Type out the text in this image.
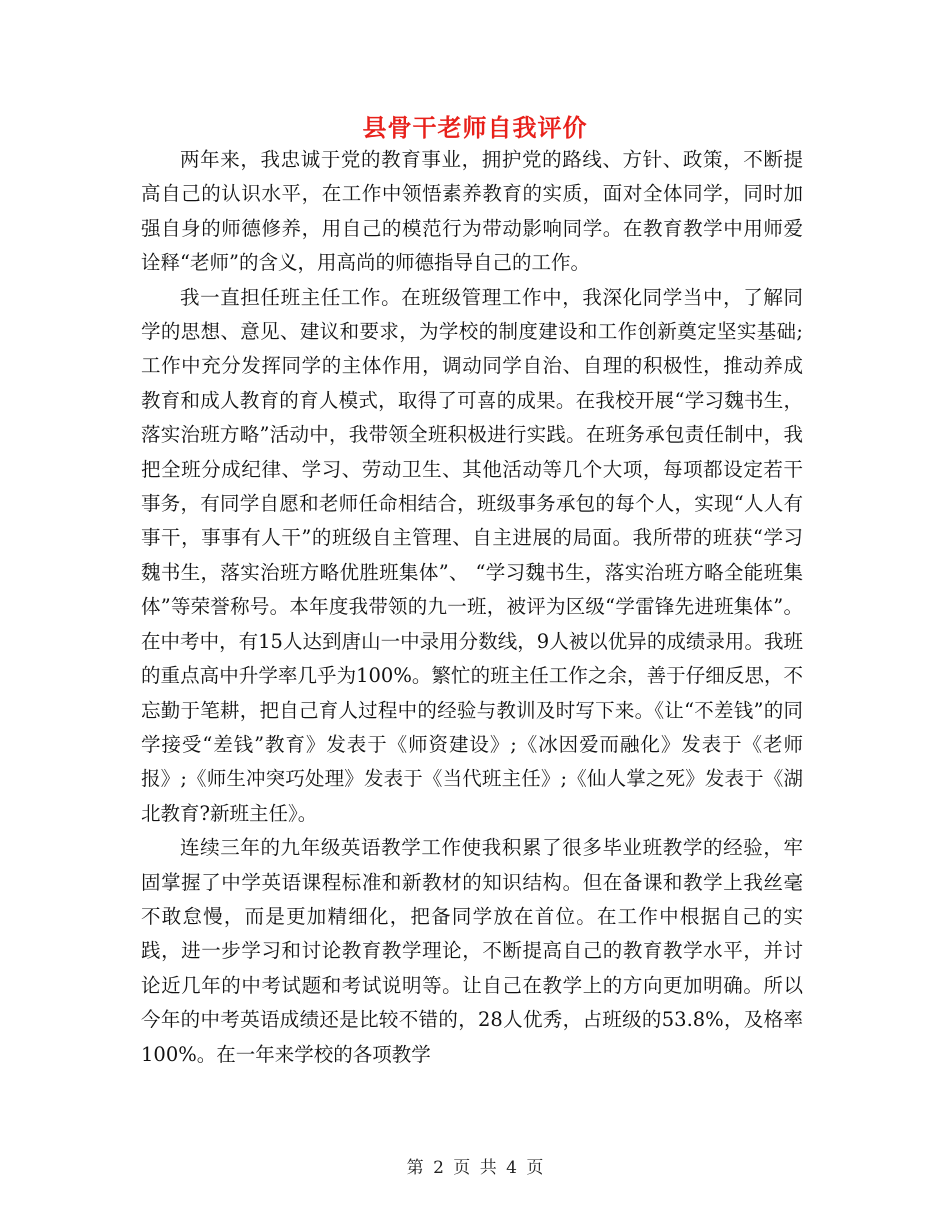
县骨干老师自我评价

两年来，我忠诚于党的教育事业，拥护党的路线、方针、政策，不断提高自己的认识水平，在工作中领悟素养教育的实质，面对全体同学，同时加强自身的师德修养，用自己的模范行为带动影响同学。在教育教学中用师爱诠释“老师”的含义，用高尚的师德指导自己的工作。

我一直担任班主任工作。在班级管理工作中，我深化同学当中，了解同学的思想、意见、建议和要求，为学校的制度建设和工作创新奠定坚实基础;工作中充分发挥同学的主体作用，调动同学自治、自理的积极性，推动养成教育和成人教育的育人模式，取得了可喜的成果。在我校开展“学习魏书生，落实治班方略”活动中，我带领全班积极进行实践。在班务承包责任制中，我把全班分成纪律、学习、劳动卫生、其他活动等几个大项，每项都设定若干事务，有同学自愿和老师任命相结合，班级事务承包的每个人，实现“人人有事干，事事有人干”的班级自主管理、自主进展的局面。我所带的班获“学习魏书生，落实治班方略优胜班集体”、 “学习魏书生，落实治班方略全能班集体”等荣誉称号。本年度我带领的九一班，被评为区级“学雷锋先进班集体”。在中考中，有15人达到唐山一中录用分数线，9人被以优异的成绩录用。我班的重点高中升学率几乎为100%。繁忙的班主任工作之余，善于仔细反思，不忘勤于笔耕，把自己育人过程中的经验与教训及时写下来。《让“不差钱”的同学接受“差钱”教育》发表于《师资建设》;《冰因爱而融化》发表于《老师报》;《师生冲突巧处理》发表于《当代班主任》;《仙人掌之死》发表于《湖北教育?新班主任》。

连续三年的九年级英语教学工作使我积累了很多毕业班教学的经验，牢固掌握了中学英语课程标准和新教材的知识结构。但在备课和教学上我丝毫不敢怠慢，而是更加精细化，把备同学放在首位。在工作中根据自己的实践，进一步学习和讨论教育教学理论，不断提高自己的教育教学水平，并讨论近几年的中考试题和考试说明等。让自己在教学上的方向更加明确。所以今年的中考英语成绩还是比较不错的，28人优秀，占班级的53.8%，及格率100%。在一年来学校的各项教学

第 2 页 共 4 页
